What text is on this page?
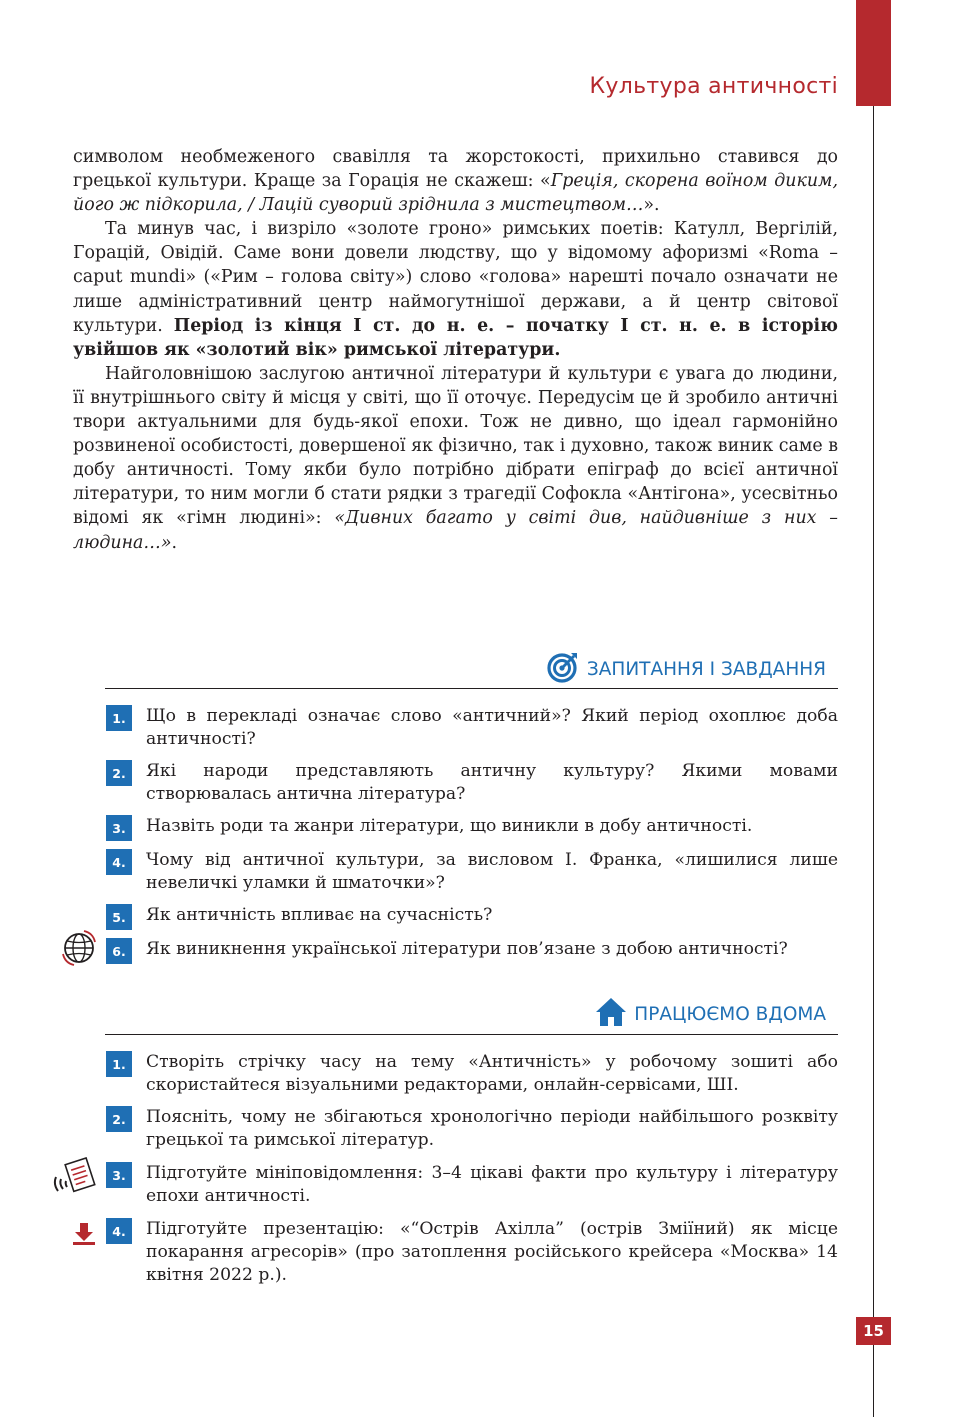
Культура античності

символом необмеженого свавілля та жорстокості, прихильно ставився до грецької культури. Краще за Горація не скажеш: «Греція, скорена воїном диким, його ж підкорила, / Лацій суворий зріднила з мистецтвом…».

Та минув час, і визріло «золоте гроно» римських поетів: Катулл, Вергілій, Горацій, Овідій. Саме вони довели людству, що у відомому афоризмі «Roma – caput mundi» («Рим – голова світу») слово «голова» нарешті почало означати не лише адміністративний центр наймогутнішої держави, а й центр світової культури. Період із кінця I ст. до н. е. – початку I ст. н. е. в історію увійшов як «золотий вік» римської літератури.

Найголовнішою заслугою античної літератури й культури є увага до людини, її внутрішнього світу й місця у світі, що її оточує. Передусім це й зробило античні твори актуальними для будь-якої епохи. Тож не дивно, що ідеал гармонійно розвиненої особистості, довершеної як фізично, так і духовно, також виник саме в добу античності. Тому якби було потрібно дібрати епіграф до всієї античної літератури, то ним могли б стати рядки з трагедії Софокла «Антігона», усесвітньо відомі як «гімн людині»: «Дивних багато у світі див, найдивніше з них – людина…».

ЗАПИТАННЯ І ЗАВДАННЯ
1.	Що в перекладі означає слово «античний»? Який період охоплює доба античності?
2.	Які народи представляють античну культуру? Якими мовами створювалась антична література?
3.	Назвіть роди та жанри літератури, що виникли в добу античності.
4.	Чому від античної культури, за висловом І. Франка, «лишилися лише невеличкі уламки й шматочки»?
5.	Як античність впливає на сучасність?
6.	Як виникнення української літератури пов’язане з добою античності?
ПРАЦЮЄМО ВДОМА
1.	Створіть стрічку часу на тему «Античність» у робочому зошиті або скористайтеся візуальними редакторами, онлайн-сервісами, ШІ.
2.	Поясніть, чому не збігаються хронологічно періоди найбільшого розквіту грецької та римської літератур.
3.	Підготуйте мініповідомлення: 3–4 цікаві факти про культуру і літературу епохи античності.
4.	Підготуйте презентацію: «“Острів Ахілла” (острів Зміїний) як місце покарання агресорів» (про затоплення російського крейсера «Москва» 14 квітня 2022 р.).
15
